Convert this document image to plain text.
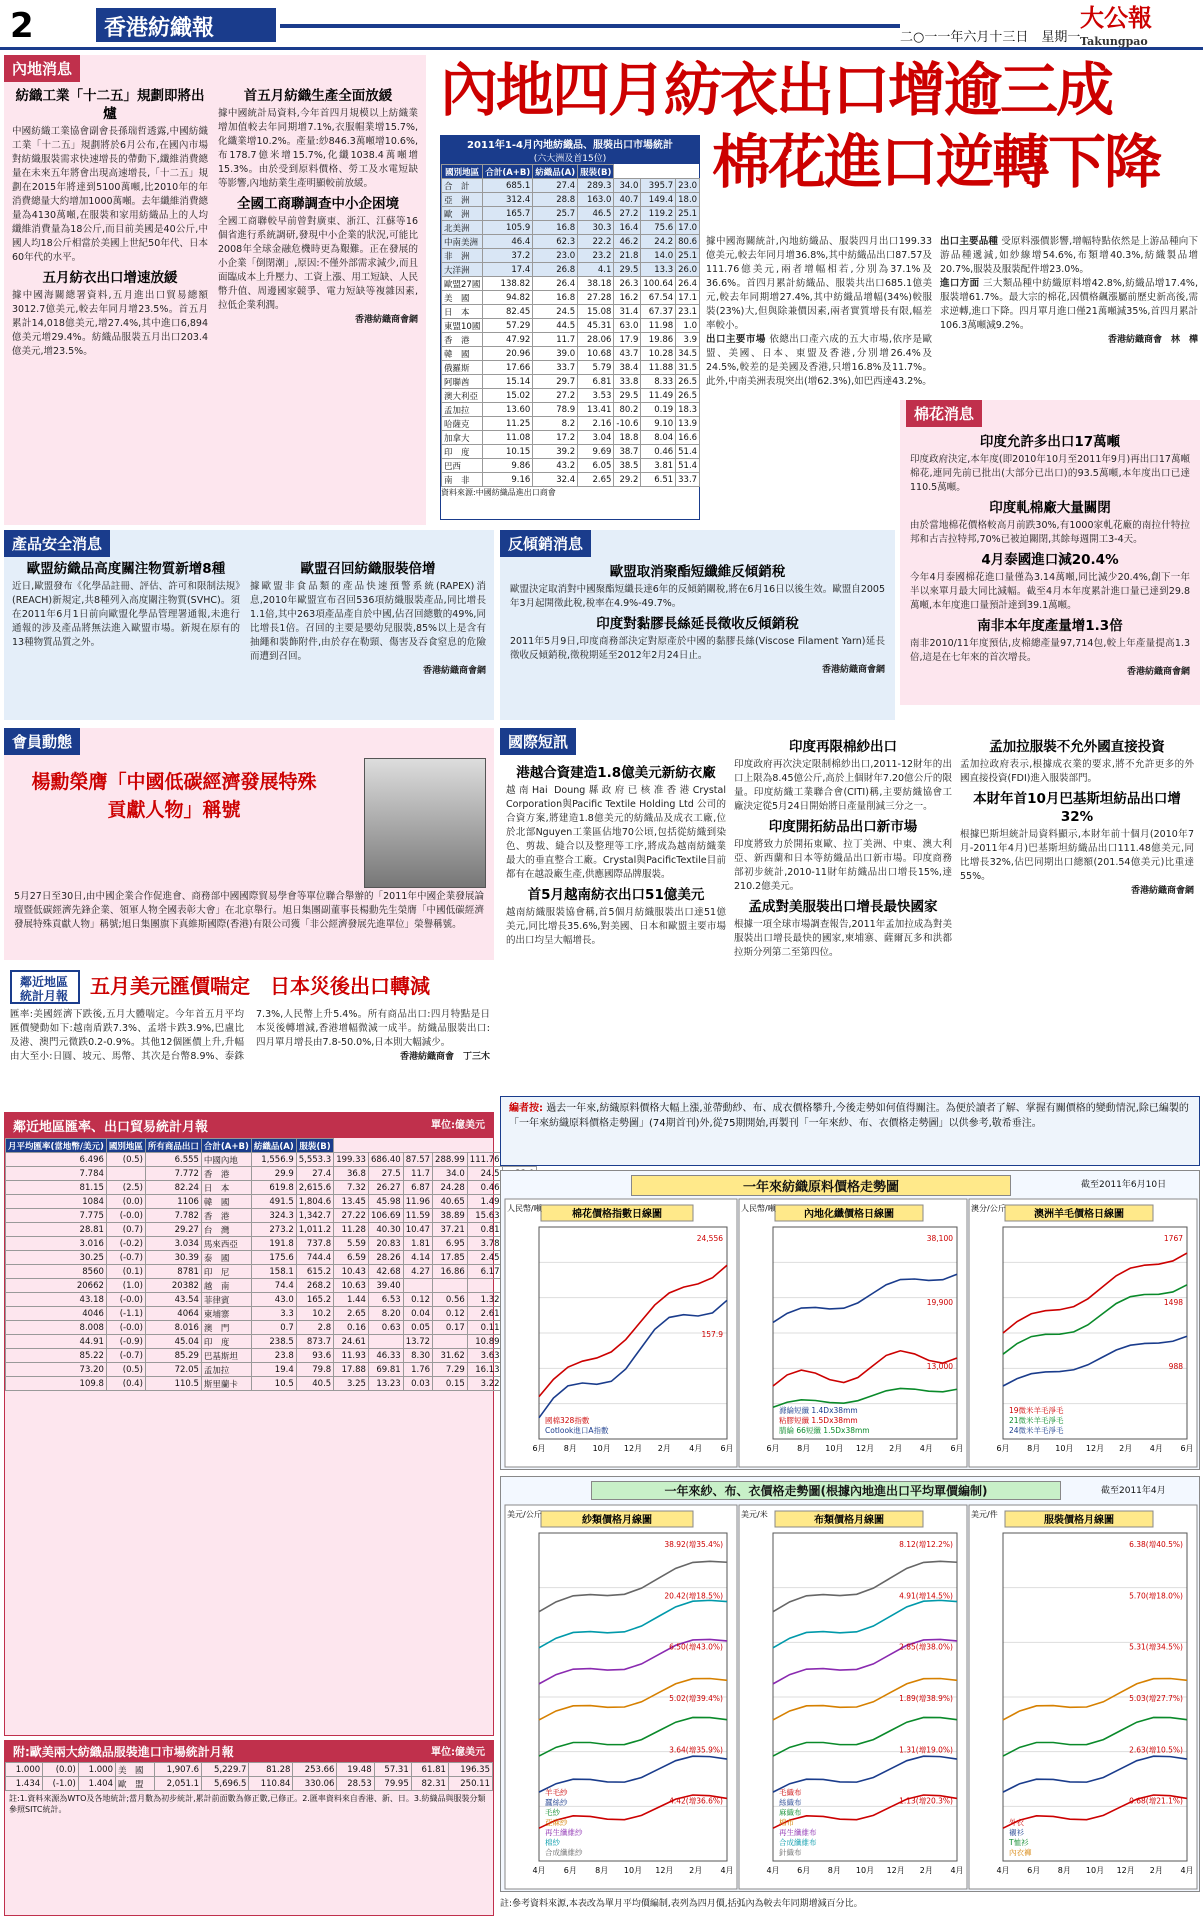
2	香港紡織報	二○一一年六月十三日　星期一
大公報
Takungpao
內地消息
紡織工業「十二五」規劃即將出爐

中國紡織工業協會副會長孫瑞哲透露,中國紡織工業「十二五」規劃將於6月公布,在國內市場對紡織服裝需求快速增長的帶動下,纖維消費總量在未來五年將會出現高速增長,「十二五」規劃在2015年將達到5100萬噸,比2010年的年消費總量大約增加1000萬噸。去年纖維消費總量為4130萬噸,在服裝和家用紡織品上的人均纖維消費量為18公斤,而目前美國是40公斤,中國人均18公斤相當於美國上世紀50年代、日本60年代的水平。

五月紡衣出口增速放緩

據中國海關總署資料,五月進出口貿易總額3012.7億美元,較去年同月增23.5%。首五月累計14,018億美元,增27.4%,其中進口6,894億美元增29.4%。紡織品服裝五月出口203.4億美元,增23.5%。

首五月紡織生產全面放緩

據中國統計局資料,今年首四月規模以上紡織業增加值較去年同期增7.1%,衣服帽業增15.7%,化纖業增10.2%。產量:紗846.3萬噸增10.6%,布178.7億米增15.7%,化纖1038.4萬噸增15.3%。由於受到原料價格、勞工及水電短缺等影響,內地紡業生產明顯較前放緩。

全國工商聯調查中小企困境

全國工商聯較早前曾對廣東、浙江、江蘇等16個省進行系統調研,發現中小企業的狀況,可能比2008年全球金融危機時更為艱難。正在發展的小企業「倒閉潮」,原因:不僅外部需求減少,而且面臨成本上升壓力、工資上漲、用工短缺、人民幣升值、周邊國家競爭、電力短缺等複雜因素,拉低企業利潤。

香港紡織商會網
內地四月紡衣出口增逾三成
棉花進口逆轉下降
2011年1-4月內地紡織品、服裝出口市場統計
(六大洲及首15位)
國別地區	合計(A+B)	紡織品(A)	服裝(B)			
合　計	685.1	27.4	289.3	34.0	395.7	23.0
亞　洲	312.4	28.8	163.0	40.7	149.4	18.0
歐　洲	165.7	25.7	46.5	27.2	119.2	25.1
北美洲	105.9	16.8	30.3	16.4	75.6	17.0
中南美洲	46.4	62.3	22.2	46.2	24.2	80.6
非　洲	37.2	23.0	23.2	21.8	14.0	25.1
大洋洲	17.4	26.8	4.1	29.5	13.3	26.0
歐盟27國	138.82	26.4	38.18	26.3	100.64	26.4
美　國	94.82	16.8	27.28	16.2	67.54	17.1
日　本	82.45	24.5	15.08	31.4	67.37	23.1
東盟10國	57.29	44.5	45.31	63.0	11.98	1.0
香　港	47.92	11.7	28.06	17.9	19.86	3.9
韓　國	20.96	39.0	10.68	43.7	10.28	34.5
俄羅斯	17.66	33.7	5.79	38.4	11.88	31.5
阿聯酋	15.14	29.7	6.81	33.8	8.33	26.5
澳大利亞	15.02	27.2	3.53	29.5	11.49	26.5
孟加拉	13.60	78.9	13.41	80.2	0.19	18.3
哈薩克	11.25	8.2	2.16	-10.6	9.10	13.9
加拿大	11.08	17.2	3.04	18.8	8.04	16.6
印　度	10.15	39.2	9.69	38.7	0.46	51.4
巴西	9.86	43.2	6.05	38.5	3.81	51.4
南　非	9.16	32.4	2.65	29.2	6.51	33.7
資料來源:中國紡織品進出口商會

據中國海關統計,內地紡織品、服裝四月出口199.33億美元,較去年同月增36.8%,其中紡織品出口87.57及111.76億美元,兩者增幅相若,分別為37.1%及36.6%。首四月累計紡織品、服裝共出口685.1億美元,較去年同期增27.4%,其中紡織品增幅(34%)較服裝(23%)大,但與除兼價因素,兩者實質增長有限,幅差率較小。

出口主要市場 依總出口產六成的五大市場,依序是歐盟、美國、日本、東盟及香港,分別增26.4%及24.5%,較差的是美國及香港,只增16.8%及11.7%。此外,中南美洲表現突出(增62.3%),如巴西達43.2%。

出口主要品種 受原料漲價影響,增幅特點依然是上游品種向下游品種遞減,如紗線增54.6%,布類增40.3%,紡織製品增20.7%,服裝及服裝配件增23.0%。

進口方面 三大類品種中紡織原料增42.8%,紡織品增17.4%,服裝增61.7%。最大宗的棉花,因價格飆漲屬前歷史新高後,需求逆轉,進口下降。四月單月進口僅21萬噸減35%,首四月累計106.3萬噸減9.2%。

香港紡織商會　林　樺
棉花消息
印度允許多出口17萬噸

印度政府決定,本年度(即2010年10月至2011年9月)再出口17萬噸棉花,連同先前已批出(大部分已出口)的93.5萬噸,本年度出口已達110.5萬噸。

印度軋棉廠大量關閉

由於當地棉花價格較高月前跌30%,有1000家軋花廠的南拉什特拉邦和古吉拉特邦,70%已被迫關閉,其餘每週開工3-4天。

4月泰國進口減20.4%

今年4月泰國棉花進口量僅為3.14萬噸,同比減少20.4%,創下一年半以來單月最大同比減幅。截至4月本年度累計進口量已達到29.8萬噸,本年度進口量預計達到39.1萬噸。

南非本年度產量增1.3倍

南非2010/11年度預估,皮棉總產量97,714包,較上年產量提高1.3倍,這是在七年來的首次增長。

香港紡織商會網
產品安全消息
歐盟紡織品高度關注物質新增8種

近日,歐盟發布《化學品註冊、評估、許可和限制法規》(REACH)新規定,共8種列入高度關注物質(SVHC)。須在2011年6月1日前向歐盟化學品管理署通報,未進行通報的涉及產品將無法進入歐盟市場。新規在原有的13種物質品質之外。

歐盟召回紡織服裝倍增

據歐盟非食品類的產品快速預警系統(RAPEX)消息,2010年歐盟宣布召回536項紡織服裝產品,同比增長1.1倍,其中263項產品產自於中國,佔召回總數的49%,同比增長1倍。召回的主要是嬰幼兒服裝,85%以上是含有抽繩和裝飾附件,由於存在勒頸、傷害及吞食窒息的危險而遭到召回。

香港紡織商會網
反傾銷消息
歐盟取消聚酯短纖維反傾銷稅

歐盟決定取消對中國聚酯短纖長達6年的反傾銷關稅,將在6月16日以後生效。歐盟自2005年3月起開徵此稅,稅率在4.9%-49.7%。

印度對黏膠長絲延長徵收反傾銷稅

2011年5月9日,印度商務部決定對原產於中國的黏膠長絲(Viscose Filament Yarn)延長徵收反傾銷稅,徵稅期延至2012年2月24日止。

香港紡織商會網
會員動態
楊勳榮膺「中國低碳經濟發展特殊貢獻人物」稱號
5月27日至30日,由中國企業合作促進會、商務部中國國際貿易學會等單位聯合舉辦的「2011年中國企業發展論壇暨低碳經濟先鋒企業、領軍人物全國表彰大會」在北京舉行。旭日集團副董事長楊勳先生榮膺「中國低碳經濟發展特殊貢獻人物」稱號;旭日集團旗下真維斯國際(香港)有限公司獲「非公經濟發展先進單位」榮譽稱號。
國際短訊
港越合資建造1.8億美元新紡衣廠

越南Hai Doung縣政府已核准香港Crystal Corporation與Pacific Textile Holding Ltd 公司的合資方案,將建造1.8億美元的紡織品及成衣工廠,位於北部Nguyen工業區佔地70公頃,包括從紡織到染色、剪裁、縫合以及整理等工序,將成為越南紡織業最大的垂直整合工廠。Crystal與PacificTextile目前都有在越設廠生產,供應國際品牌服裝。

首5月越南紡衣出口51億美元

越南紡織服裝協會稱,首5個月紡織服裝出口達51億美元,同比增長35.6%,對美國、日本和歐盟主要市場的出口均呈大幅增長。

印度再限棉紗出口

印度政府再次決定限制棉紗出口,2011-12財年的出口上限為8.45億公斤,高於上個財年7.20億公斤的限量。印度紡織工業聯合會(CITI)稱,主要紡織協會工廠決定從5月24日開始將日產量削減三分之一。

印度開拓紡品出口新市場

印度將致力於開拓東歐、拉丁美洲、中東、澳大利亞、新西蘭和日本等紡織品出口新市場。印度商務部初步統計,2010-11財年紡織品出口增長15%,達210.2億美元。

孟成對美服裝出口增長最快國家

根據一項全球市場調查報告,2011年孟加拉成為對美服裝出口增長最快的國家,柬埔寨、薩爾瓦多和洪都拉斯分列第二至第四位。

孟加拉服裝不允外國直接投資

孟加拉政府表示,根據成衣業的要求,將不允許更多的外國直接投資(FDI)進入服裝部門。

本財年首10月巴基斯坦紡品出口增32%

根據巴斯坦統計局資料顯示,本財年前十個月(2010年7月-2011年4月)巴基斯坦紡織品出口111.48億美元,同比增長32%,佔巴同期出口總額(201.54億美元)比重達55%。

香港紡織商會網
鄰近地區統計月報	五月美元匯價喘定　日本災後出口轉減
匯率:美國經濟下跌後,五月大體喘定。今年首五月平均匯價變動如下:越南盾跌7.3%、孟塔卡跌3.9%,巴盧比及港、澳門元微跌0.2-0.9%。其他12個匯價上升,升幅由大至小:日圓、坡元、馬幣、其次是台幣8.9%、泰銖7.3%,人民幣上升5.4%。所有商品出口:四月特點是日本災後轉增減,香港增幅微減一成半。紡織品服裝出口:四月單月增長由7.8-50.0%,日本則大幅減少。
香港紡織商會　丁三木
鄰近地區匯率、出口貿易統計月報	單位:億美元
月平均匯率(當地幣/美元)	國別地區	所有商品出口	合計(A+B)	紡織品(A)	服裝(B)						
6.496	(0.5)	6.555	中國內地	1,556.9	5,553.3	199.33	686.40	87.57	288.99	111.76	
7.784		7.772	香　港	29.9	27.4	36.8	27.5	11.7	34.0	24.5	
81.15	(2.5)	82.24	日　本	619.8	2,615.6	7.32	26.27	6.87	24.28	0.46	
1084	(0.0)	1106	韓　國	491.5	1,804.6	13.45	45.98	11.96	40.65	1.49	
7.775	(-0.0)	7.782	香　港	324.3	1,342.7	27.22	106.69	11.59	38.89	15.63	
28.81	(0.7)	29.27	台　灣	273.2	1,011.2	11.28	40.30	10.47	37.21	0.81	
3.016	(-0.2)	3.034	馬來西亞	191.8	737.8	5.59	20.83	1.81	6.95	3.78	
30.25	(-0.7)	30.39	泰　國	175.6	744.4	6.59	28.26	4.14	17.85	2.45	
8560	(0.1)	8781	印　尼	158.1	615.2	10.43	42.68	4.27	16.86	6.17	
20662	(1.0)	20382	越　南	74.4	268.2	10.63	39.40				
43.18	(-0.0)	43.54	菲律賓	43.0	165.2	1.44	6.53	0.12	0.56	1.32	
4046	(-1.1)	4064	柬埔寨	3.3	10.2	2.65	8.20	0.04	0.12	2.61	
8.008	(-0.0)	8.016	澳　門	0.7	2.8	0.16	0.63	0.05	0.17	0.11	
44.91	(-0.9)	45.04	印　度	238.5	873.7	24.61		13.72		10.89	
85.22	(-0.7)	85.29	巴基斯坦	23.8	93.6	11.93	46.33	8.30	31.62	3.63	
73.20	(0.5)	72.05	孟加拉	19.4	79.8	17.88	69.81	1.76	7.29	16.13	
109.8	(0.4)	110.5	斯里蘭卡	10.5	40.5	3.25	13.23	0.03	0.15	3.22	
附:歐美兩大紡織品服裝進口市場統計月報	單位:億美元
1.000	(0.0)	1.000	美　國	1,907.6	5,229.7	81.28	253.66	19.48	57.31	61.81	196.35
1.434	(-1.0)	1.404	歐　盟	2,051.1	5,696.5	110.84	330.06	28.53	79.95	82.31	250.11
註:1.資料來源為WTO及各地統計;當月數為初步統計,累計前面數為修正數,已修正。2.匯率資料來自香港、新、日。3.紡織品與服裝分類參照SITC統計。
編者按: 過去一年來,紡織原料價格大幅上漲,並帶動紗、布、成衣價格攀升,今後走勢如何值得關注。為便於讀者了解、掌握有關價格的變動情況,除已編製的「一年來紡織原料價格走勢圖」(74期首刊)外,從75期開始,再製刊「一年來紗、布、衣價格走勢圖」以供參考,敬希垂注。
一年來紡織原料價格走勢圖	截至2011年6月10日
棉花價格指數日線圖
人民幣/噸
6月 8月 10月 12月 2月 4月 6月
國棉328指數
Cotlook進口A指數
24,556
157.9
內地化纖價格日線圖
人民幣/噸
6月 8月 10月 12月 2月 4月 6月
滌綸短纖 1.4Dx38mm
粘膠短纖 1.5Dx38mm
腈綸 66短纖 1.5Dx38mm
38,100
19,900
13,000
澳洲羊毛價格日線圖
澳分/公斤
6月 8月 10月 12月 2月 4月 6月
19微米羊毛淨毛
21微米羊毛淨毛
24微米羊毛淨毛
1767
1498
988
一年來紗、布、衣價格走勢圖(根據內地進出口平均單價編制)	截至2011年4月
紗類價格月線圖
美元/公斤
4月 6月 8月 10月 12月 2月 4月
羊毛紗
蠶絲紗
毛紗
亞麻紗
再生纖維紗
棉紗
合成纖維紗
38.92(增35.4%)
20.42(增18.5%)
6.50(增43.0%)
5.02(增39.4%)
3.64(增35.9%)
4.42(增36.6%)
布類價格月線圖
美元/米
4月 6月 8月 10月 12月 2月 4月
毛織布
絲織布
麻織布
棉布
再生纖維布
合成纖維布
針織布
8.12(增12.2%)
4.91(增14.5%)
2.85(增38.0%)
1.89(增38.9%)
1.31(增19.0%)
1.13(增20.3%)
服裝價格月線圖
美元/件
4月 6月 8月 10月 12月 2月 4月
外衣
襯衫
T恤衫
內衣褲
6.38(增40.5%)
5.70(增18.0%)
5.31(增34.5%)
5.03(增27.7%)
2.63(增10.5%)
0.68(增21.1%)
註:參考資料來源,本表改為單月平均價編制,表列為四月價,括弧內為較去年同期增減百分比。
